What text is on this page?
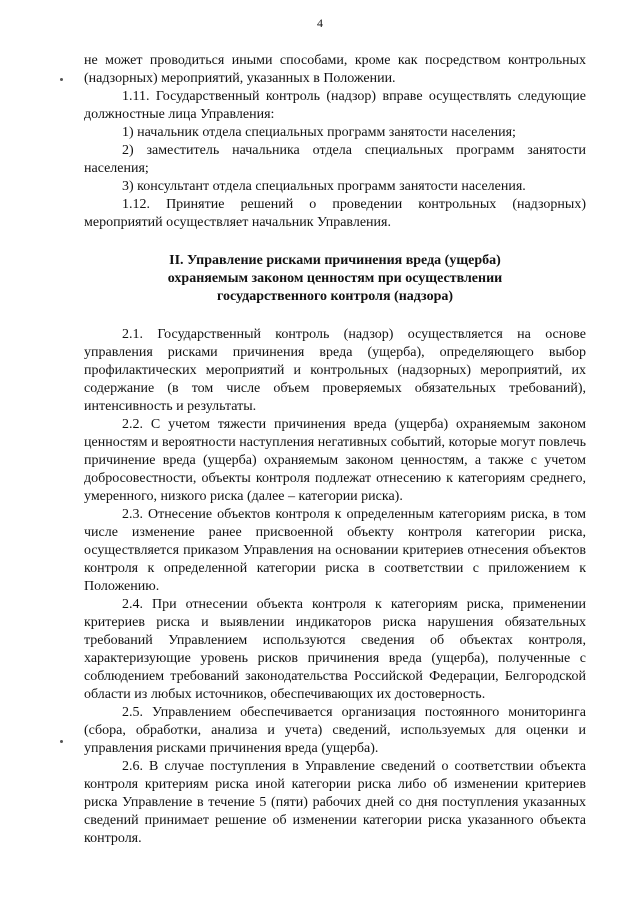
4

не может проводиться иными способами, кроме как посредством контрольных (надзорных) мероприятий, указанных в Положении.

1.11. Государственный контроль (надзор) вправе осуществлять следующие должностные лица Управления:

1) начальник отдела специальных программ занятости населения;

2) заместитель начальника отдела специальных программ занятости населения;

3) консультант отдела специальных программ занятости населения.

1.12. Принятие решений о проведении контрольных (надзорных) мероприятий осуществляет начальник Управления.

II. Управление рисками причинения вреда (ущерба)
охраняемым законом ценностям при осуществлении
государственного контроля (надзора)

2.1. Государственный контроль (надзор) осуществляется на основе управления рисками причинения вреда (ущерба), определяющего выбор профилактических мероприятий и контрольных (надзорных) мероприятий, их содержание (в том числе объем проверяемых обязательных требований), интенсивность и результаты.

2.2. С учетом тяжести причинения вреда (ущерба) охраняемым законом ценностям и вероятности наступления негативных событий, которые могут повлечь причинение вреда (ущерба) охраняемым законом ценностям, а также с учетом добросовестности, объекты контроля подлежат отнесению к категориям среднего, умеренного, низкого риска (далее – категории риска).

2.3. Отнесение объектов контроля к определенным категориям риска, в том числе изменение ранее присвоенной объекту контроля категории риска, осуществляется приказом Управления на основании критериев отнесения объектов контроля к определенной категории риска в соответствии с приложением к Положению.

2.4. При отнесении объекта контроля к категориям риска, применении критериев риска и выявлении индикаторов риска нарушения обязательных требований Управлением используются сведения об объектах контроля, характеризующие уровень рисков причинения вреда (ущерба), полученные с соблюдением требований законодательства Российской Федерации, Белгородской области из любых источников, обеспечивающих их достоверность.

2.5. Управлением обеспечивается организация постоянного мониторинга (сбора, обработки, анализа и учета) сведений, используемых для оценки и управления рисками причинения вреда (ущерба).

2.6. В случае поступления в Управление сведений о соответствии объекта контроля критериям риска иной категории риска либо об изменении критериев риска Управление в течение 5 (пяти) рабочих дней со дня поступления указанных сведений принимает решение об изменении категории риска указанного объекта контроля.
